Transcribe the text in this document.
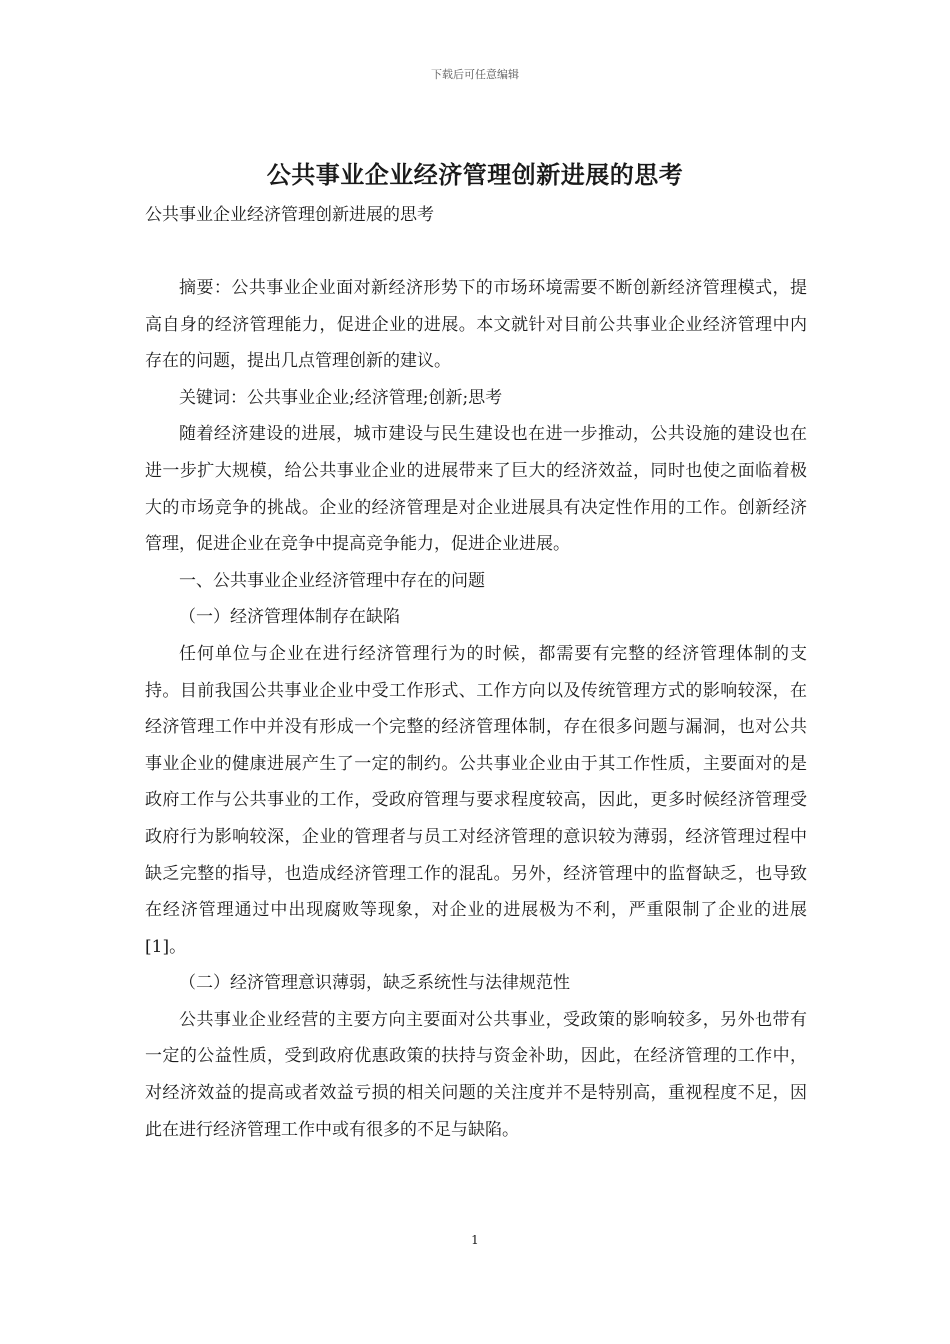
下载后可任意编辑
公共事业企业经济管理创新进展的思考
公共事业企业经济管理创新进展的思考

摘要：公共事业企业面对新经济形势下的市场环境需要不断创新经济管理模式，提高自身的经济管理能力，促进企业的进展。本文就针对目前公共事业企业经济管理中内存在的问题，提出几点管理创新的建议。

关键词：公共事业企业;经济管理;创新;思考

随着经济建设的进展，城市建设与民生建设也在进一步推动，公共设施的建设也在进一步扩大规模，给公共事业企业的进展带来了巨大的经济效益，同时也使之面临着极大的市场竞争的挑战。企业的经济管理是对企业进展具有决定性作用的工作。创新经济管理，促进企业在竞争中提高竞争能力，促进企业进展。

一、公共事业企业经济管理中存在的问题

（一）经济管理体制存在缺陷

任何单位与企业在进行经济管理行为的时候，都需要有完整的经济管理体制的支持。目前我国公共事业企业中受工作形式、工作方向以及传统管理方式的影响较深，在经济管理工作中并没有形成一个完整的经济管理体制，存在很多问题与漏洞，也对公共事业企业的健康进展产生了一定的制约。公共事业企业由于其工作性质，主要面对的是政府工作与公共事业的工作，受政府管理与要求程度较高，因此，更多时候经济管理受政府行为影响较深，企业的管理者与员工对经济管理的意识较为薄弱，经济管理过程中缺乏完整的指导，也造成经济管理工作的混乱。另外，经济管理中的监督缺乏，也导致在经济管理通过中出现腐败等现象，对企业的进展极为不利，严重限制了企业的进展[1]。

（二）经济管理意识薄弱，缺乏系统性与法律规范性

公共事业企业经营的主要方向主要面对公共事业，受政策的影响较多，另外也带有一定的公益性质，受到政府优惠政策的扶持与资金补助，因此，在经济管理的工作中，对经济效益的提高或者效益亏损的相关问题的关注度并不是特别高，重视程度不足，因此在进行经济管理工作中或有很多的不足与缺陷。

1
